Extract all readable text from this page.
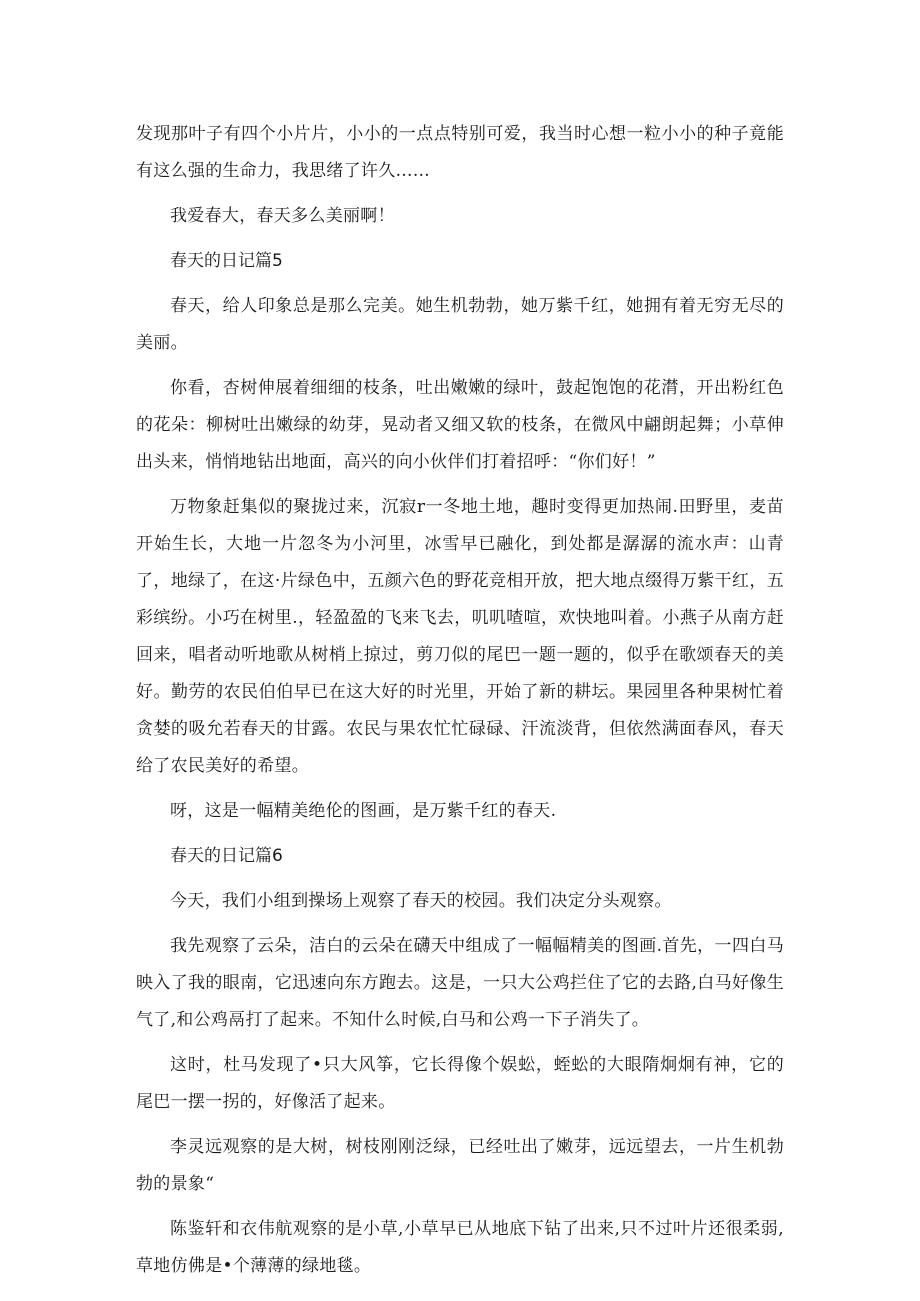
发现那叶子有四个小片片，小小的一点点特别可爱，我当时心想一粒小小的种子竟能有这么强的生命力，我思绪了许久……

我爱春大，春天多么美丽啊！

春天的日记篇5

春天，给人印象总是那么完美。她生机勃勃，她万紫千红，她拥有着无穷无尽的美丽。

你看，杏树伸展着细细的枝条，吐出嫩嫩的绿叶，鼓起饱饱的花潸，开出粉红色的花朵：柳树吐出嫩绿的幼芽，晃动者又细又软的枝条，在微风中翩朗起舞；小草伸出头来，悄悄地钻出地面，高兴的向小伙伴们打着招呼：“你们好！”

万物象赶集似的聚拢过来，沉寂r一冬地土地，趣时变得更加热闹.田野里，麦苗开始生长，大地一片忽冬为小河里，冰雪早已融化，到处都是潺潺的流水声：山青了，地绿了，在这·片绿色中，五颜六色的野花竞相开放，把大地点缀得万紫干红，五彩缤纷。小巧在树里.，轻盈盈的飞来飞去，叽叽喳喧，欢快地叫着。小燕子从南方赶回来，唱者动听地歌从树梢上掠过，剪刀似的尾巴一题一题的，似乎在歌颂春天的美好。勤劳的农民伯伯早已在这大好的时光里，开始了新的耕坛。果园里各种果树忙着贪婪的吸允若春天的甘露。农民与果农忙忙碌碌、汗流淡背，但依然满面春风，春天给了农民美好的希望。

呀，这是一幅精美绝伦的图画，是万紫千红的春天.

春天的日记篇6

今天，我们小组到操场上观察了春天的校园。我们决定分头观察。

我先观察了云朵，洁白的云朵在礴天中组成了一幅幅精美的图画.首先，一四白马映入了我的眼南，它迅速向东方跑去。这是，一只大公鸡拦住了它的去路,白马好像生气了,和公鸡鬲打了起来。不知什么时候,白马和公鸡一下子消失了。

这时，杜马发现了•只大风筝，它长得像个娱蚣，蛭蚣的大眼隋炯炯有神，它的尾巴一摆一拐的，好像活了起来。

李灵远观察的是大树，树枝刚刚泛绿，已经吐出了嫩芽，远远望去，一片生机勃勃的景象“

陈鉴轩和衣伟航观察的是小草,小草早已从地底下钻了出来,只不过叶片还很柔弱,草地仿佛是•个薄薄的绿地毯。
